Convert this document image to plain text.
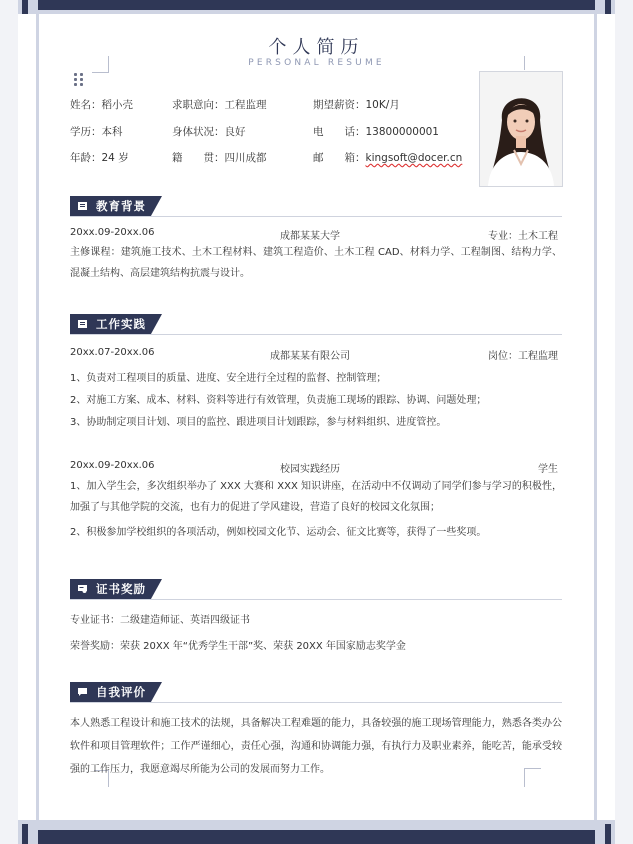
个人简历
PERSONAL RESUME
姓名：稻小壳	求职意向：工程监理	期望薪资：10K/月
学历：本科	身体状况：良好	电　　话：13800000001
年龄：24 岁	籍　　贯：四川成都	邮　　箱：kingsoft@docer.cn
教育背景
20xx.09-20xx.06	成都某某大学	专业：土木工程
主修课程：建筑施工技术、土木工程材料、建筑工程造价、土木工程 CAD、材料力学、工程制图、结构力学、混凝土结构、高层建筑结构抗震与设计。
工作实践
20xx.07-20xx.06	成都某某有限公司	岗位：工程监理
1、负责对工程项目的质量、进度、安全进行全过程的监督、控制管理；
2、对施工方案、成本、材料、资料等进行有效管理，负责施工现场的跟踪、协调、问题处理；
3、协助制定项目计划、项目的监控、跟进项目计划跟踪，参与材料组织、进度管控。
20xx.09-20xx.06	校园实践经历	学生
1、加入学生会，多次组织举办了 XXX 大赛和 XXX 知识讲座，在活动中不仅调动了同学们参与学习的积极性，加强了与其他学院的交流，也有力的促进了学风建设，营造了良好的校园文化氛围；
2、积极参加学校组织的各项活动，例如校园文化节、运动会、征文比赛等，获得了一些奖项。
证书奖励
专业证书：二级建造师证、英语四级证书
荣誉奖励：荣获 20XX 年“优秀学生干部”奖、荣获 20XX 年国家励志奖学金
自我评价
本人熟悉工程设计和施工技术的法规，具备解决工程难题的能力，具备较强的施工现场管理能力，熟悉各类办公软件和项目管理软件；工作严谨细心，责任心强，沟通和协调能力强，有执行力及职业素养，能吃苦，能承受较强的工作压力，我愿意竭尽所能为公司的发展而努力工作。
